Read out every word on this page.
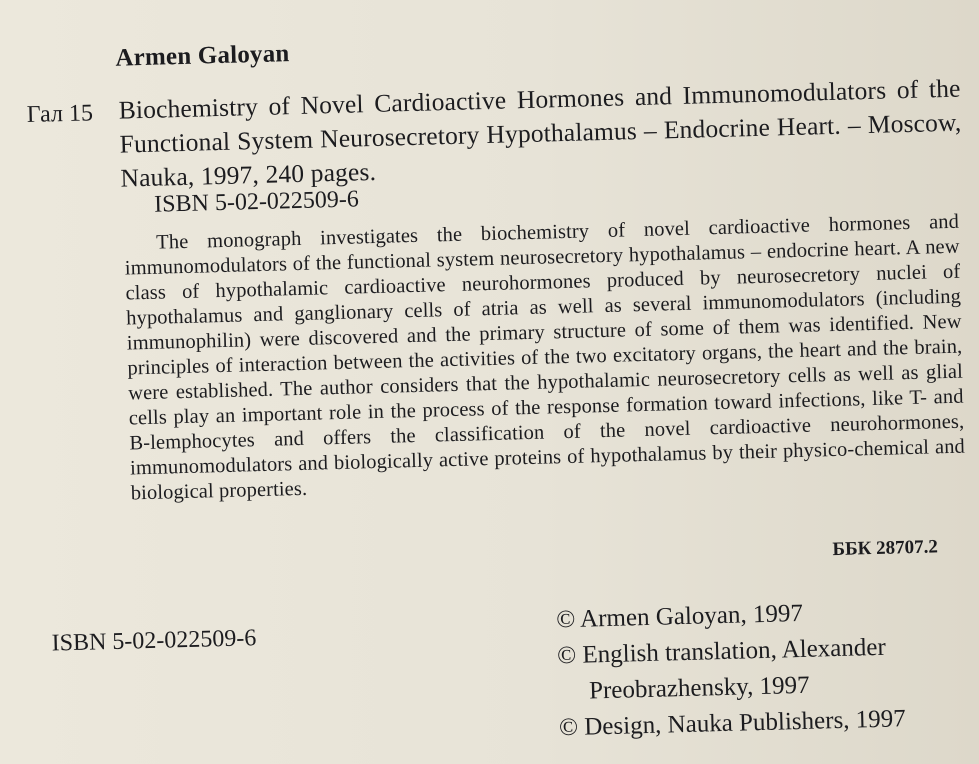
Armen Galoyan
Гал 15 Biochemistry of Novel Cardioactive Hormones and Immunomodulators of the Functional System Neurosecretory Hypothalamus – Endocrine Heart. – Moscow, Nauka, 1997, 240 pages.
ISBN 5-02-022509-6
The monograph investigates the biochemistry of novel cardioactive hormones and immunomodulators of the functional system neurosecretory hypothalamus – endocrine heart. A new class of hypothalamic cardioactive neurohormones produced by neurosecretory nuclei of hypothalamus and ganglionary cells of atria as well as several immunomodulators (including immunophilin) were discovered and the primary structure of some of them was identified. New principles of interaction between the activities of the two excitatory organs, the heart and the brain, were established. The author considers that the hypothalamic neurosecretory cells as well as glial cells play an important role in the process of the response formation toward infections, like T- and B-lemphocytes and offers the classification of the novel cardioactive neurohormones, immunomodulators and biologically active proteins of hypothalamus by their physico-chemical and biological properties.
ББК 28707.2
ISBN 5-02-022509-6
© Armen Galoyan, 1997
© English translation, Alexander
Preobrazhensky, 1997
© Design, Nauka Publishers, 1997
